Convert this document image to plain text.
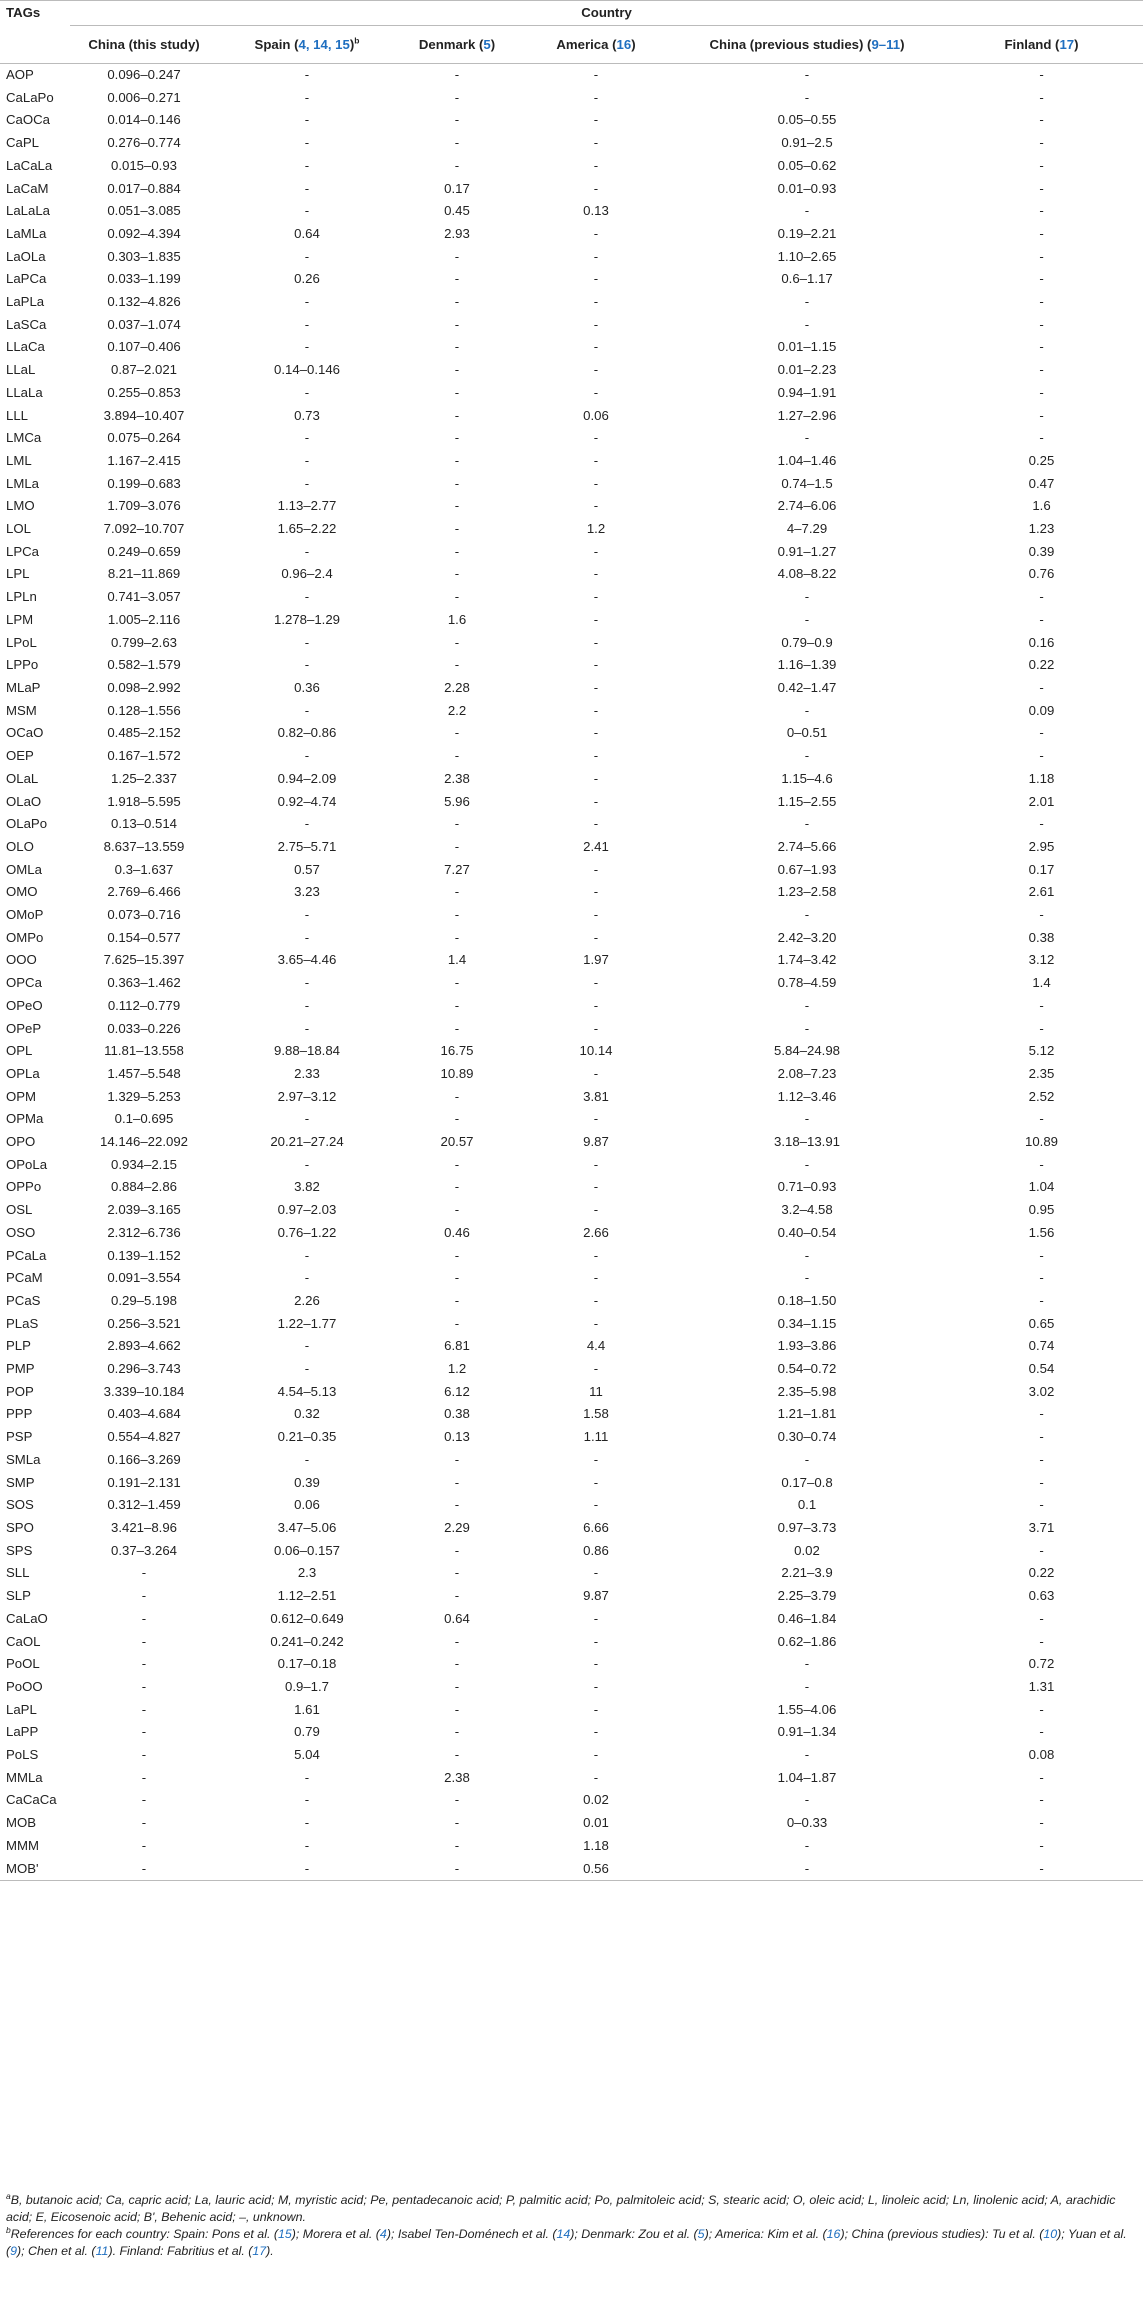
TAGs	Country					
	China (this study)	Spain (4, 14, 15)$^b$	Denmark (5)	America (16)	China (previous studies) (9–11)	Finland (17)
AOP	0.096–0.247	-	-	-	-	-
CaLaPo	0.006–0.271	-	-	-	-	-
CaOCa	0.014–0.146	-	-	-	0.05–0.55	-
CaPL	0.276–0.774	-	-	-	0.91–2.5	-
LaCaLa	0.015–0.93	-	-	-	0.05–0.62	-
LaCaM	0.017–0.884	-	0.17	-	0.01–0.93	-
LaLaLa	0.051–3.085	-	0.45	0.13	-	-
LaMLa	0.092–4.394	0.64	2.93	-	0.19–2.21	-
LaOLa	0.303–1.835	-	-	-	1.10–2.65	-
LaPCa	0.033–1.199	0.26	-	-	0.6–1.17	-
LaPLa	0.132–4.826	-	-	-	-	-
LaSCa	0.037–1.074	-	-	-	-	-
LLaCa	0.107–0.406	-	-	-	0.01–1.15	-
LLaL	0.87–2.021	0.14–0.146	-	-	0.01–2.23	-
LLaLa	0.255–0.853	-	-	-	0.94–1.91	-
LLL	3.894–10.407	0.73	-	0.06	1.27–2.96	-
LMCa	0.075–0.264	-	-	-	-	-
LML	1.167–2.415	-	-	-	1.04–1.46	0.25
LMLa	0.199–0.683	-	-	-	0.74–1.5	0.47
LMO	1.709–3.076	1.13–2.77	-	-	2.74–6.06	1.6
LOL	7.092–10.707	1.65–2.22	-	1.2	4–7.29	1.23
LPCa	0.249–0.659	-	-	-	0.91–1.27	0.39
LPL	8.21–11.869	0.96–2.4	-	-	4.08–8.22	0.76
LPLn	0.741–3.057	-	-	-	-	-
LPM	1.005–2.116	1.278–1.29	1.6	-	-	-
LPoL	0.799–2.63	-	-	-	0.79–0.9	0.16
LPPo	0.582–1.579	-	-	-	1.16–1.39	0.22
MLaP	0.098–2.992	0.36	2.28	-	0.42–1.47	-
MSM	0.128–1.556	-	2.2	-	-	0.09
OCaO	0.485–2.152	0.82–0.86	-	-	0–0.51	-
OEP	0.167–1.572	-	-	-	-	-
OLaL	1.25–2.337	0.94–2.09	2.38	-	1.15–4.6	1.18
OLaO	1.918–5.595	0.92–4.74	5.96	-	1.15–2.55	2.01
OLaPo	0.13–0.514	-	-	-	-	-
OLO	8.637–13.559	2.75–5.71	-	2.41	2.74–5.66	2.95
OMLa	0.3–1.637	0.57	7.27	-	0.67–1.93	0.17
OMO	2.769–6.466	3.23	-	-	1.23–2.58	2.61
OMoP	0.073–0.716	-	-	-	-	-
OMPo	0.154–0.577	-	-	-	2.42–3.20	0.38
OOO	7.625–15.397	3.65–4.46	1.4	1.97	1.74–3.42	3.12
OPCa	0.363–1.462	-	-	-	0.78–4.59	1.4
OPeO	0.112–0.779	-	-	-	-	-
OPeP	0.033–0.226	-	-	-	-	-
OPL	11.81–13.558	9.88–18.84	16.75	10.14	5.84–24.98	5.12
OPLa	1.457–5.548	2.33	10.89	-	2.08–7.23	2.35
OPM	1.329–5.253	2.97–3.12	-	3.81	1.12–3.46	2.52
OPMa	0.1–0.695	-	-	-	-	-
OPO	14.146–22.092	20.21–27.24	20.57	9.87	3.18–13.91	10.89
OPoLa	0.934–2.15	-	-	-	-	-
OPPo	0.884–2.86	3.82	-	-	0.71–0.93	1.04
OSL	2.039–3.165	0.97–2.03	-	-	3.2–4.58	0.95
OSO	2.312–6.736	0.76–1.22	0.46	2.66	0.40–0.54	1.56
PCaLa	0.139–1.152	-	-	-	-	-
PCaM	0.091–3.554	-	-	-	-	-
PCaS	0.29–5.198	2.26	-	-	0.18–1.50	-
PLaS	0.256–3.521	1.22–1.77	-	-	0.34–1.15	0.65
PLP	2.893–4.662	-	6.81	4.4	1.93–3.86	0.74
PMP	0.296–3.743	-	1.2	-	0.54–0.72	0.54
POP	3.339–10.184	4.54–5.13	6.12	11	2.35–5.98	3.02
PPP	0.403–4.684	0.32	0.38	1.58	1.21–1.81	-
PSP	0.554–4.827	0.21–0.35	0.13	1.11	0.30–0.74	-
SMLa	0.166–3.269	-	-	-	-	-
SMP	0.191–2.131	0.39	-	-	0.17–0.8	-
SOS	0.312–1.459	0.06	-	-	0.1	-
SPO	3.421–8.96	3.47–5.06	2.29	6.66	0.97–3.73	3.71
SPS	0.37–3.264	0.06–0.157	-	0.86	0.02	-
SLL	-	2.3	-	-	2.21–3.9	0.22
SLP	-	1.12–2.51	-	9.87	2.25–3.79	0.63
CaLaO	-	0.612–0.649	0.64	-	0.46–1.84	-
CaOL	-	0.241–0.242	-	-	0.62–1.86	-
PoOL	-	0.17–0.18	-	-	-	0.72
PoOO	-	0.9–1.7	-	-	-	1.31
LaPL	-	1.61	-	-	1.55–4.06	-
LaPP	-	0.79	-	-	0.91–1.34	-
PoLS	-	5.04	-	-	-	0.08
MMLa	-	-	2.38	-	1.04–1.87	-
CaCaCa	-	-	-	0.02	-	-
MOB	-	-	-	0.01	0–0.33	-
MMM	-	-	-	1.18	-	-
MOB'	-	-	-	0.56	-	-

$^a$B, butanoic acid; Ca, capric acid; La, lauric acid; M, myristic acid; Pe, pentadecanoic acid; P, palmitic acid; Po, palmitoleic acid; S, stearic acid; O, oleic acid; L, linoleic acid; Ln, linolenic acid; A, arachidic acid; E, Eicosenoic acid; B', Behenic acid; –, unknown.

$^b$References for each country: Spain: Pons et al. (15); Morera et al. (4); Isabel Ten-Doménech et al. (14); Denmark: Zou et al. (5); America: Kim et al. (16); China (previous studies): Tu et al. (10); Yuan et al. (9); Chen et al. (11). Finland: Fabritius et al. (17).
